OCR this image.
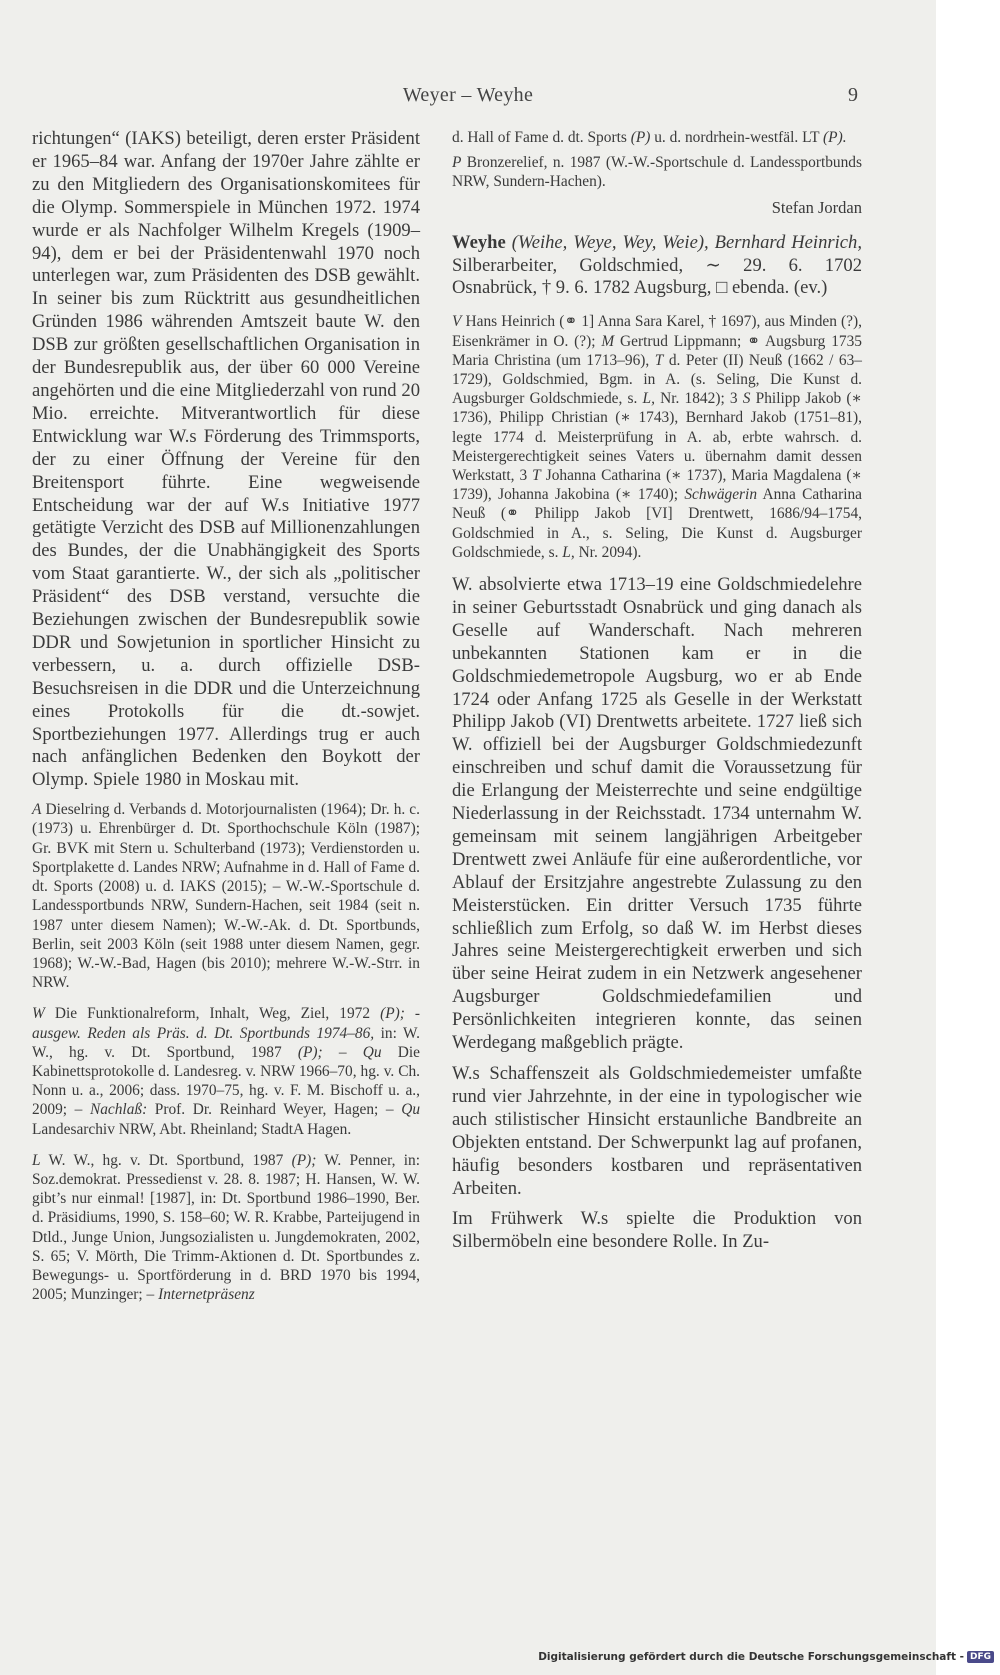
Weyer – Weyhe	9

richtungen“ (IAKS) beteiligt, deren erster Präsident er 1965–84 war. Anfang der 1970er Jahre zählte er zu den Mitgliedern des Organisationskomitees für die Olymp. Sommerspiele in München 1972. 1974 wurde er als Nachfolger Wilhelm Kregels (1909–94), dem er bei der Präsidentenwahl 1970 noch unterlegen war, zum Präsidenten des DSB gewählt. In seiner bis zum Rücktritt aus gesundheitlichen Gründen 1986 währenden Amtszeit baute W. den DSB zur größten gesellschaftlichen Organisation in der Bundesrepublik aus, der über 60 000 Vereine angehörten und die eine Mitgliederzahl von rund 20 Mio. erreichte. Mitverantwortlich für diese Entwicklung war W.s Förderung des Trimmsports, der zu einer Öffnung der Vereine für den Breitensport führte. Eine wegweisende Entscheidung war der auf W.s Initiative 1977 getätigte Verzicht des DSB auf Millionenzahlungen des Bundes, der die Unabhängigkeit des Sports vom Staat garantierte. W., der sich als „politischer Präsident“ des DSB verstand, versuchte die Beziehungen zwischen der Bundesrepublik sowie DDR und Sowjetunion in sportlicher Hinsicht zu verbessern, u. a. durch offizielle DSB-Besuchsreisen in die DDR und die Unterzeichnung eines Protokolls für die dt.-sowjet. Sportbeziehungen 1977. Allerdings trug er auch nach anfänglichen Bedenken den Boykott der Olymp. Spiele 1980 in Moskau mit.

A Dieselring d. Verbands d. Motorjournalisten (1964); Dr. h. c. (1973) u. Ehrenbürger d. Dt. Sporthochschule Köln (1987); Gr. BVK mit Stern u. Schulterband (1973); Verdienstorden u. Sportplakette d. Landes NRW; Aufnahme in d. Hall of Fame d. dt. Sports (2008) u. d. IAKS (2015); – W.-W.-Sportschule d. Landessportbunds NRW, Sundern-Hachen, seit 1984 (seit n. 1987 unter diesem Namen); W.-W.-Ak. d. Dt. Sportbunds, Berlin, seit 2003 Köln (seit 1988 unter diesem Namen, gegr. 1968); W.-W.-Bad, Hagen (bis 2010); mehrere W.-W.-Strr. in NRW.

W Die Funktionalreform, Inhalt, Weg, Ziel, 1972 (P); - ausgew. Reden als Präs. d. Dt. Sportbunds 1974–86, in: W. W., hg. v. Dt. Sportbund, 1987 (P); – Qu Die Kabinettsprotokolle d. Landesreg. v. NRW 1966–70, hg. v. Ch. Nonn u. a., 2006; dass. 1970–75, hg. v. F. M. Bischoff u. a., 2009; – Nachlaß: Prof. Dr. Reinhard Weyer, Hagen; – Qu Landesarchiv NRW, Abt. Rheinland; StadtA Hagen.

L W. W., hg. v. Dt. Sportbund, 1987 (P); W. Penner, in: Soz.demokrat. Pressedienst v. 28. 8. 1987; H. Hansen, W. W. gibt’s nur einmal! [1987], in: Dt. Sportbund 1986–1990, Ber. d. Präsidiums, 1990, S. 158–60; W. R. Krabbe, Parteijugend in Dtld., Junge Union, Jungsozialisten u. Jungdemokraten, 2002, S. 65; V. Mörth, Die Trimm-Aktionen d. Dt. Sportbundes z. Bewegungs- u. Sportförderung in d. BRD 1970 bis 1994, 2005; Munzinger; – Internetpräsenz

d. Hall of Fame d. dt. Sports (P) u. d. nordrhein-westfäl. LT (P).

P Bronzerelief, n. 1987 (W.-W.-Sportschule d. Landessportbunds NRW, Sundern-Hachen).

Stefan Jordan

Weyhe (Weihe, Weye, Wey, Weie), Bernhard Heinrich, Silberarbeiter, Goldschmied, ∼ 29. 6. 1702 Osnabrück, † 9. 6. 1782 Augsburg, □ ebenda. (ev.)

V Hans Heinrich (⚭ 1] Anna Sara Karel, † 1697), aus Minden (?), Eisenkrämer in O. (?); M Gertrud Lippmann; ⚭ Augsburg 1735 Maria Christina (um 1713–96), T d. Peter (II) Neuß (1662 / 63–1729), Goldschmied, Bgm. in A. (s. Seling, Die Kunst d. Augsburger Goldschmiede, s. L, Nr. 1842); 3 S Philipp Jakob (∗ 1736), Philipp Christian (∗ 1743), Bernhard Jakob (1751–81), legte 1774 d. Meisterprüfung in A. ab, erbte wahrsch. d. Meistergerechtigkeit seines Vaters u. übernahm damit dessen Werkstatt, 3 T Johanna Catharina (∗ 1737), Maria Magdalena (∗ 1739), Johanna Jakobina (∗ 1740); Schwägerin Anna Catharina Neuß (⚭ Philipp Jakob [VI] Drentwett, 1686/94–1754, Goldschmied in A., s. Seling, Die Kunst d. Augsburger Goldschmiede, s. L, Nr. 2094).

W. absolvierte etwa 1713–19 eine Goldschmiedelehre in seiner Geburtsstadt Osnabrück und ging danach als Geselle auf Wanderschaft. Nach mehreren unbekannten Stationen kam er in die Goldschmiedemetropole Augsburg, wo er ab Ende 1724 oder Anfang 1725 als Geselle in der Werkstatt Philipp Jakob (VI) Drentwetts arbeitete. 1727 ließ sich W. offiziell bei der Augsburger Goldschmiedezunft einschreiben und schuf damit die Voraussetzung für die Erlangung der Meisterrechte und seine endgültige Niederlassung in der Reichsstadt. 1734 unternahm W. gemeinsam mit seinem langjährigen Arbeitgeber Drentwett zwei Anläufe für eine außerordentliche, vor Ablauf der Ersitzjahre angestrebte Zulassung zu den Meisterstücken. Ein dritter Versuch 1735 führte schließlich zum Erfolg, so daß W. im Herbst dieses Jahres seine Meistergerechtigkeit erwerben und sich über seine Heirat zudem in ein Netzwerk angesehener Augsburger Goldschmiedefamilien und Persönlichkeiten integrieren konnte, das seinen Werdegang maßgeblich prägte.

W.s Schaffenszeit als Goldschmiedemeister umfaßte rund vier Jahrzehnte, in der eine in typologischer wie auch stilistischer Hinsicht erstaunliche Bandbreite an Objekten entstand. Der Schwerpunkt lag auf profanen, häufig besonders kostbaren und repräsentativen Arbeiten.

Im Frühwerk W.s spielte die Produktion von Silbermöbeln eine besondere Rolle. In Zu-

Digitalisierung gefördert durch die Deutsche Forschungsgemeinschaft - DFG
